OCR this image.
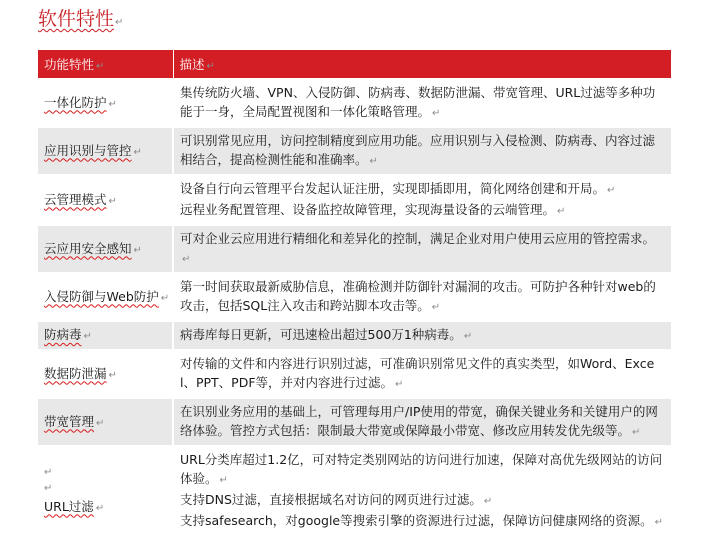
软件特性↵
功能特性 ↵	描述 ↵
一体化防护 ↵	集传统防火墙、VPN、入侵防御、防病毒、数据防泄漏、带宽管理、URL过滤等多种功能于一身，全局配置视图和一体化策略管理。 ↵

应用识别与管控 ↵	可识别常见应用，访问控制精度到应用功能。应用识别与入侵检测、防病毒、内容过滤相结合，提高检测性能和准确率。 ↵

云管理模式 ↵	设备自行向云管理平台发起认证注册，实现即插即用，简化网络创建和开局。 ↵
远程业务配置管理、设备监控故障管理，实现海量设备的云端管理。 ↵

云应用安全感知 ↵	可对企业云应用进行精细化和差异化的控制，满足企业对用户使用云应用的管控需求。↵

入侵防御与Web防护 ↵	第一时间获取最新威胁信息，准确检测并防御针对漏洞的攻击。可防护各种针对web的攻击，包括SQL注入攻击和跨站脚本攻击等。 ↵

防病毒 ↵	病毒库每日更新，可迅速检出超过500万1种病毒。 ↵

数据防泄漏 ↵	对传输的文件和内容进行识别过滤，可准确识别常见文件的真实类型，如Word、Excel、PPT、PDF等，并对内容进行过滤。 ↵

带宽管理 ↵	在识别业务应用的基础上，可管理每用户/IP使用的带宽，确保关键业务和关键用户的网络体验。管控方式包括：限制最大带宽或保障最小带宽、修改应用转发优先级等。 ↵

↵
↵
URL过滤 ↵	URL分类库超过1.2亿，可对特定类别网站的访问进行加速，保障对高优先级网站的访问体验。 ↵
支持DNS过滤，直接根据域名对访问的网页进行过滤。 ↵
支持safesearch，对google等搜索引擎的资源进行过滤，保障访问健康网络的资源。 ↵
